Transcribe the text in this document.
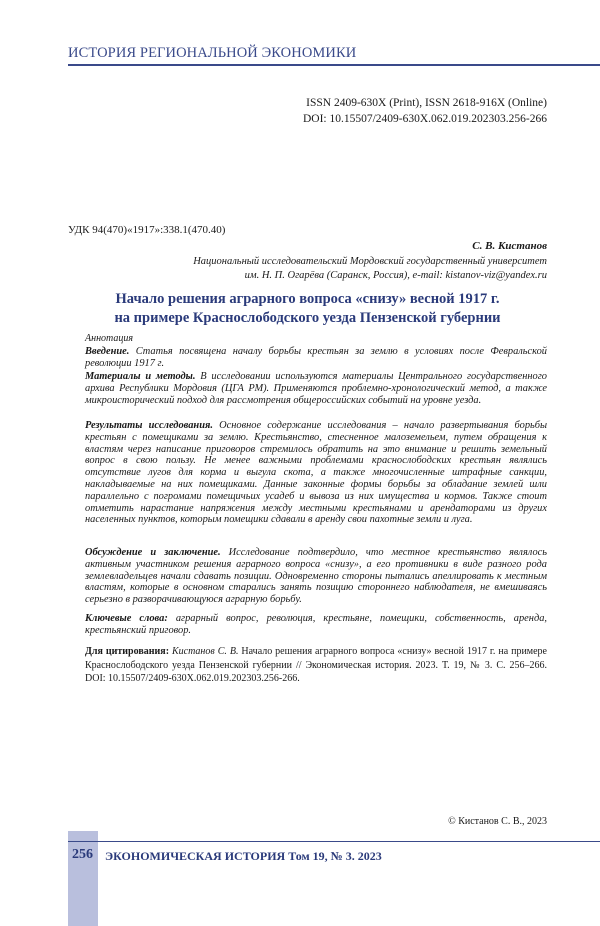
ИСТОРИЯ РЕГИОНАЛЬНОЙ ЭКОНОМИКИ
ISSN 2409-630X (Print), ISSN 2618-916X (Online)
DOI: 10.15507/2409-630X.062.019.202303.256-266
УДК 94(470)«1917»:338.1(470.40)
С. В. Кистанов
Национальный исследовательский Мордовский государственный университет
им. Н. П. Огарёва (Саранск, Россия), e-mail: kistanov-viz@yandex.ru
Начало решения аграрного вопроса «снизу» весной 1917 г.
на примере Краснослободского уезда Пензенской губернии
Аннотация
Введение. Статья посвящена началу борьбы крестьян за землю в условиях после Февральской революции 1917 г.
Материалы и методы. В исследовании используются материалы Центрального государственного архива Республики Мордовия (ЦГА РМ). Применяются проблемно-хронологический метод, а также микроисторический подход для рассмотрения общероссийских событий на уровне уезда.
Результаты исследования. Основное содержание исследования – начало развертывания борьбы крестьян с помещиками за землю. Крестьянство, стесненное малоземельем, путем обращения к властям через написание приговоров стремилось обратить на это внимание и решить земельный вопрос в свою пользу. Не менее важными проблемами краснослободских крестьян являлись отсутствие лугов для корма и выгула скота, а также многочисленные штрафные санкции, накладываемые на них помещиками. Данные законные формы борьбы за обладание землей шли параллельно с погромами помещичьих усадеб и вывоза из них имущества и кормов. Также стоит отметить нарастание напряжения между местными крестьянами и арендаторами из других населенных пунктов, которым помещики сдавали в аренду свои пахотные земли и луга.
Обсуждение и заключение. Исследование подтвердило, что местное крестьянство являлось активным участником решения аграрного вопроса «снизу», а его противники в виде разного рода землевладельцев начали сдавать позиции. Одновременно стороны пытались апеллировать к местным властям, которые в основном старались занять позицию стороннего наблюдателя, не вмешиваясь серьезно в разворачивающуюся аграрную борьбу.
Ключевые слова: аграрный вопрос, революция, крестьяне, помещики, собственность, аренда, крестьянский приговор.
Для цитирования: Кистанов С. В. Начало решения аграрного вопроса «снизу» весной 1917 г. на примере Краснослободского уезда Пензенской губернии // Экономическая история. 2023. Т. 19, № 3. С. 256–266. DOI: 10.15507/2409-630X.062.019.202303.256-266.
© Кистанов С. В., 2023
256 ЭКОНОМИЧЕСКАЯ ИСТОРИЯ Том 19, № 3. 2023
